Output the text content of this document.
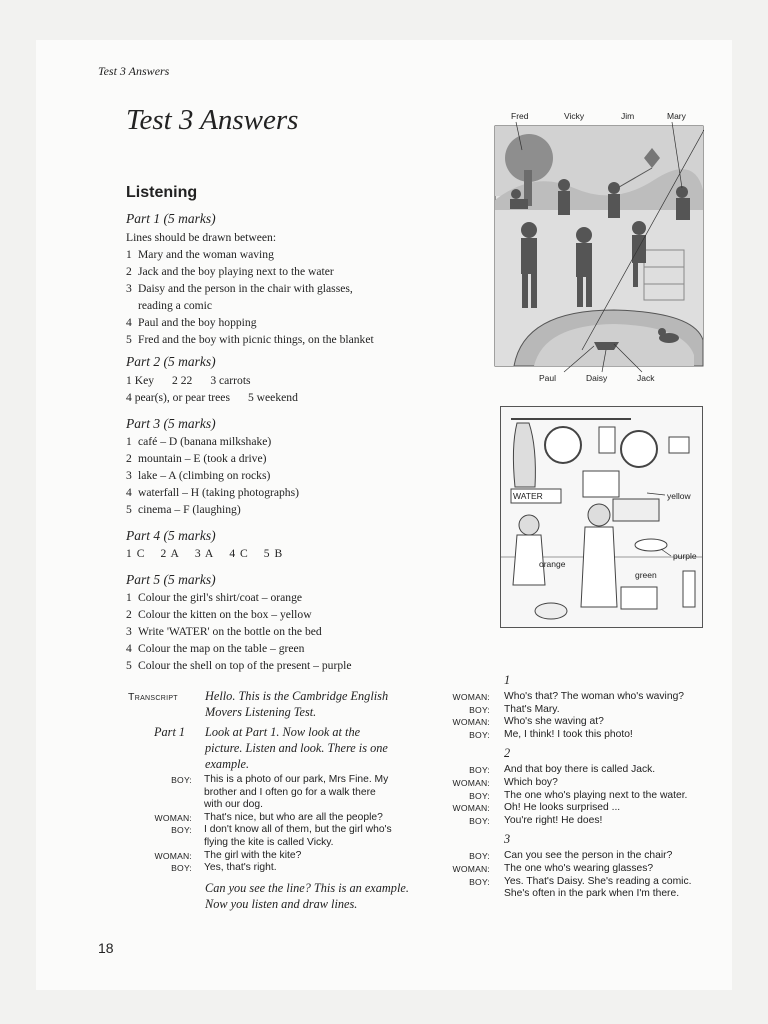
Test 3 Answers
Test 3 Answers
Listening
Part 1 (5 marks)
Lines should be drawn between:
1 Mary and the woman waving
2 Jack and the boy playing next to the water
3 Daisy and the person in the chair with glasses,
reading a comic
4 Paul and the boy hopping
5 Fred and the boy with picnic things, on the blanket
Part 2 (5 marks)
1 Key 2 22 3 carrots
4 pear(s), or pear trees 5 weekend
Part 3 (5 marks)
1 café – D (banana milkshake)
2 mountain – E (took a drive)
3 lake – A (climbing on rocks)
4 waterfall – H (taking photographs)
5 cinema – F (laughing)
Part 4 (5 marks)
1 C 2 A 3 A 4 C 5 B
Part 5 (5 marks)
1 Colour the girl's shirt/coat – orange
2 Colour the kitten on the box – yellow
3 Write 'WATER' on the bottle on the bed
4 Colour the map on the table – green
5 Colour the shell on top of the present – purple
Fred	Vicky	Jim	Mary
Paul	Daisy	Jack
WATER	yellow
orange
purple
green
Transcript Hello. This is the Cambridge English
Movers Listening Test.
Part 1 Look at Part 1. Now look at the
picture. Listen and look. There is one
example.
BOY: This is a photo of our park, Mrs Fine. My
brother and I often go for a walk there
with our dog.
WOMAN: That's nice, but who are all the people?
BOY: I don't know all of them, but the girl who's
flying the kite is called Vicky.
WOMAN: The girl with the kite?
BOY: Yes, that's right.
Can you see the line? This is an example.
Now you listen and draw lines.
1
WOMAN: Who's that? The woman who's waving?
BOY: That's Mary.
WOMAN: Who's she waving at?
BOY: Me, I think! I took this photo!
2
BOY: And that boy there is called Jack.
WOMAN: Which boy?
BOY: The one who's playing next to the water.
WOMAN: Oh! He looks surprised ...
BOY: You're right! He does!
3
BOY: Can you see the person in the chair?
WOMAN: The one who's wearing glasses?
BOY: Yes. That's Daisy. She's reading a comic.
She's often in the park when I'm there.
18
